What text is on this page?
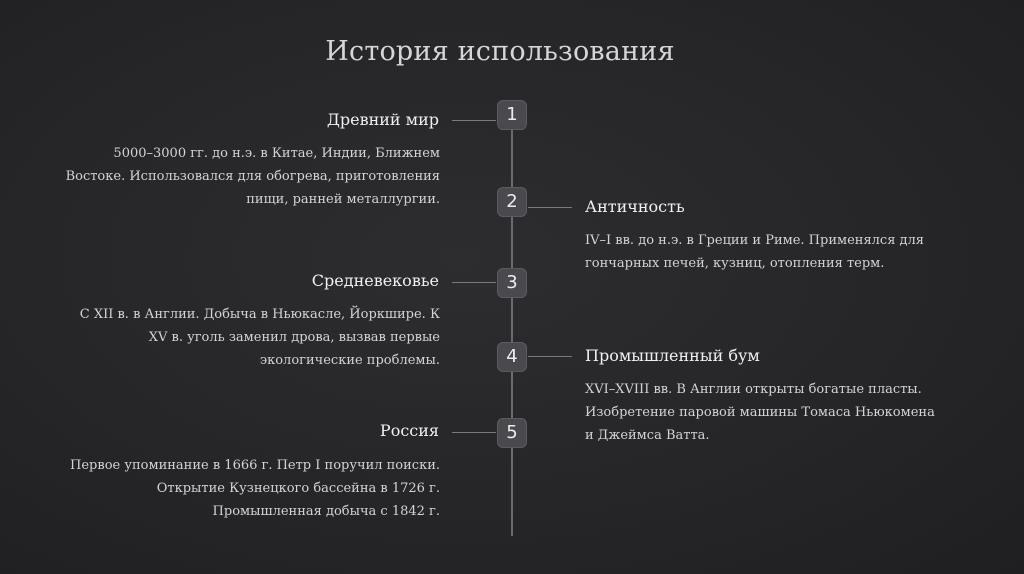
История использования
Древний мир	1
5000–3000 гг. до н.э. в Китае, Индии, Ближнем Востоке. Использовался для обогрева, приготовления пищи, ранней металлургии.	2	Античность
IV–I вв. до н.э. в Греции и Риме. Применялся для гончарных печей, кузниц, отопления терм.
Средневековье	3
С XII в. в Англии. Добыча в Ньюкасле, Йоркшире. К XV в. уголь заменил дрова, вызвав первые экологические проблемы.	4	Промышленный бум
XVI–XVIII вв. В Англии открыты богатые пласты. Изобретение паровой машины Томаса Ньюкомена и Джеймса Ватта.
Россия	5
Первое упоминание в 1666 г. Петр I поручил поиски. Открытие Кузнецкого бассейна в 1726 г. Промышленная добыча с 1842 г.
